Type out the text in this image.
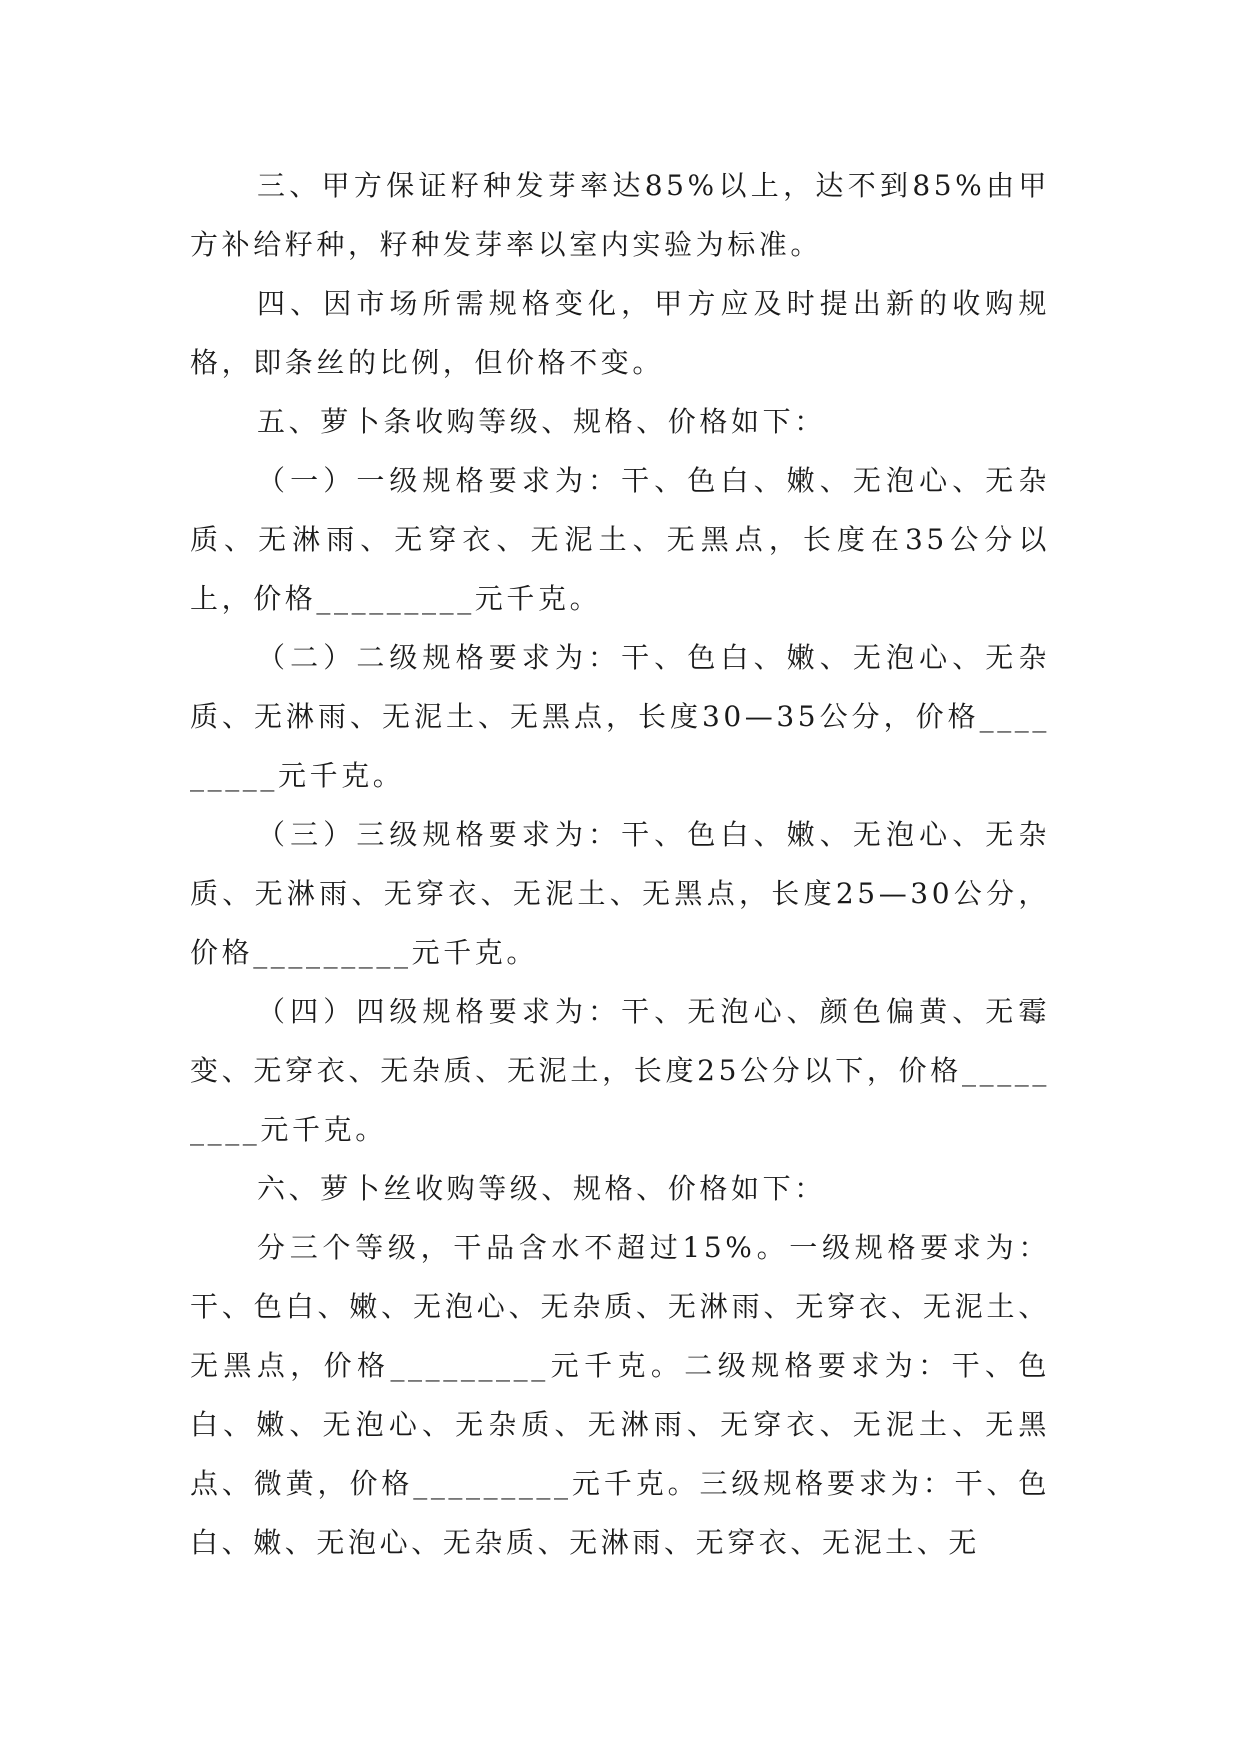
三、甲方保证籽种发芽率达85%以上，达不到85%由甲方补给籽种，籽种发芽率以室内实验为标准。

四、因市场所需规格变化，甲方应及时提出新的收购规格，即条丝的比例，但价格不变。

五、萝卜条收购等级、规格、价格如下：

（一）一级规格要求为：干、色白、嫩、无泡心、无杂质、无淋雨、无穿衣、无泥土、无黑点，长度在35公分以上，价格_________元千克。

（二）二级规格要求为：干、色白、嫩、无泡心、无杂质、无淋雨、无泥土、无黑点，长度30—35公分，价格_________元千克。

（三）三级规格要求为：干、色白、嫩、无泡心、无杂质、无淋雨、无穿衣、无泥土、无黑点，长度25—30公分，价格_________元千克。

（四）四级规格要求为：干、无泡心、颜色偏黄、无霉变、无穿衣、无杂质、无泥土，长度25公分以下，价格_________元千克。

六、萝卜丝收购等级、规格、价格如下：

分三个等级，干品含水不超过15%。一级规格要求为：干、色白、嫩、无泡心、无杂质、无淋雨、无穿衣、无泥土、无黑点，价格_________元千克。二级规格要求为：干、色白、嫩、无泡心、无杂质、无淋雨、无穿衣、无泥土、无黑点、微黄，价格_________元千克。三级规格要求为：干、色白、嫩、无泡心、无杂质、无淋雨、无穿衣、无泥土、无
